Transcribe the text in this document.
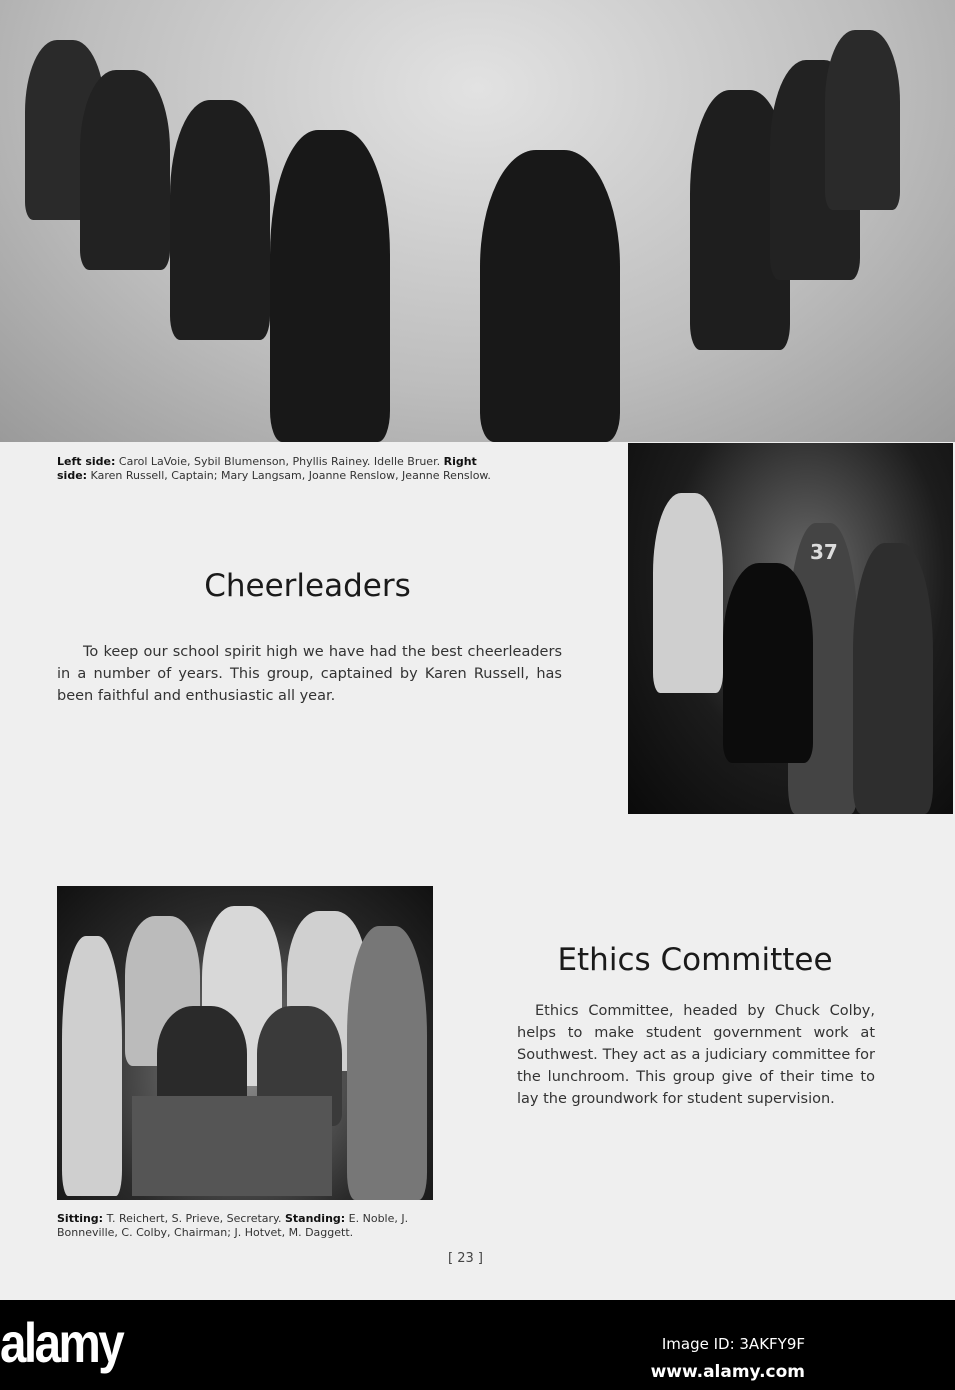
Left side: Carol LaVoie, Sybil Blumenson, Phyllis Rainey. Idelle Bruer. Right side: Karen Russell, Captain; Mary Langsam, Joanne Renslow, Jeanne Renslow.
37
Cheerleaders
To keep our school spirit high we have had the best cheerleaders in a number of years. This group, captained by Karen Russell, has been faithful and enthusiastic all year.
Ethics Committee
Ethics Committee, headed by Chuck Colby, helps to make student government work at Southwest. They act as a judiciary committee for the lunchroom. This group give of their time to lay the groundwork for student supervision.
Sitting: T. Reichert, S. Prieve, Secretary. Standing: E. Noble, J. Bonneville, C. Colby, Chairman; J. Hotvet, M. Daggett.
[ 23 ]
alamy	Image ID: 3AKFY9F
www.alamy.com
